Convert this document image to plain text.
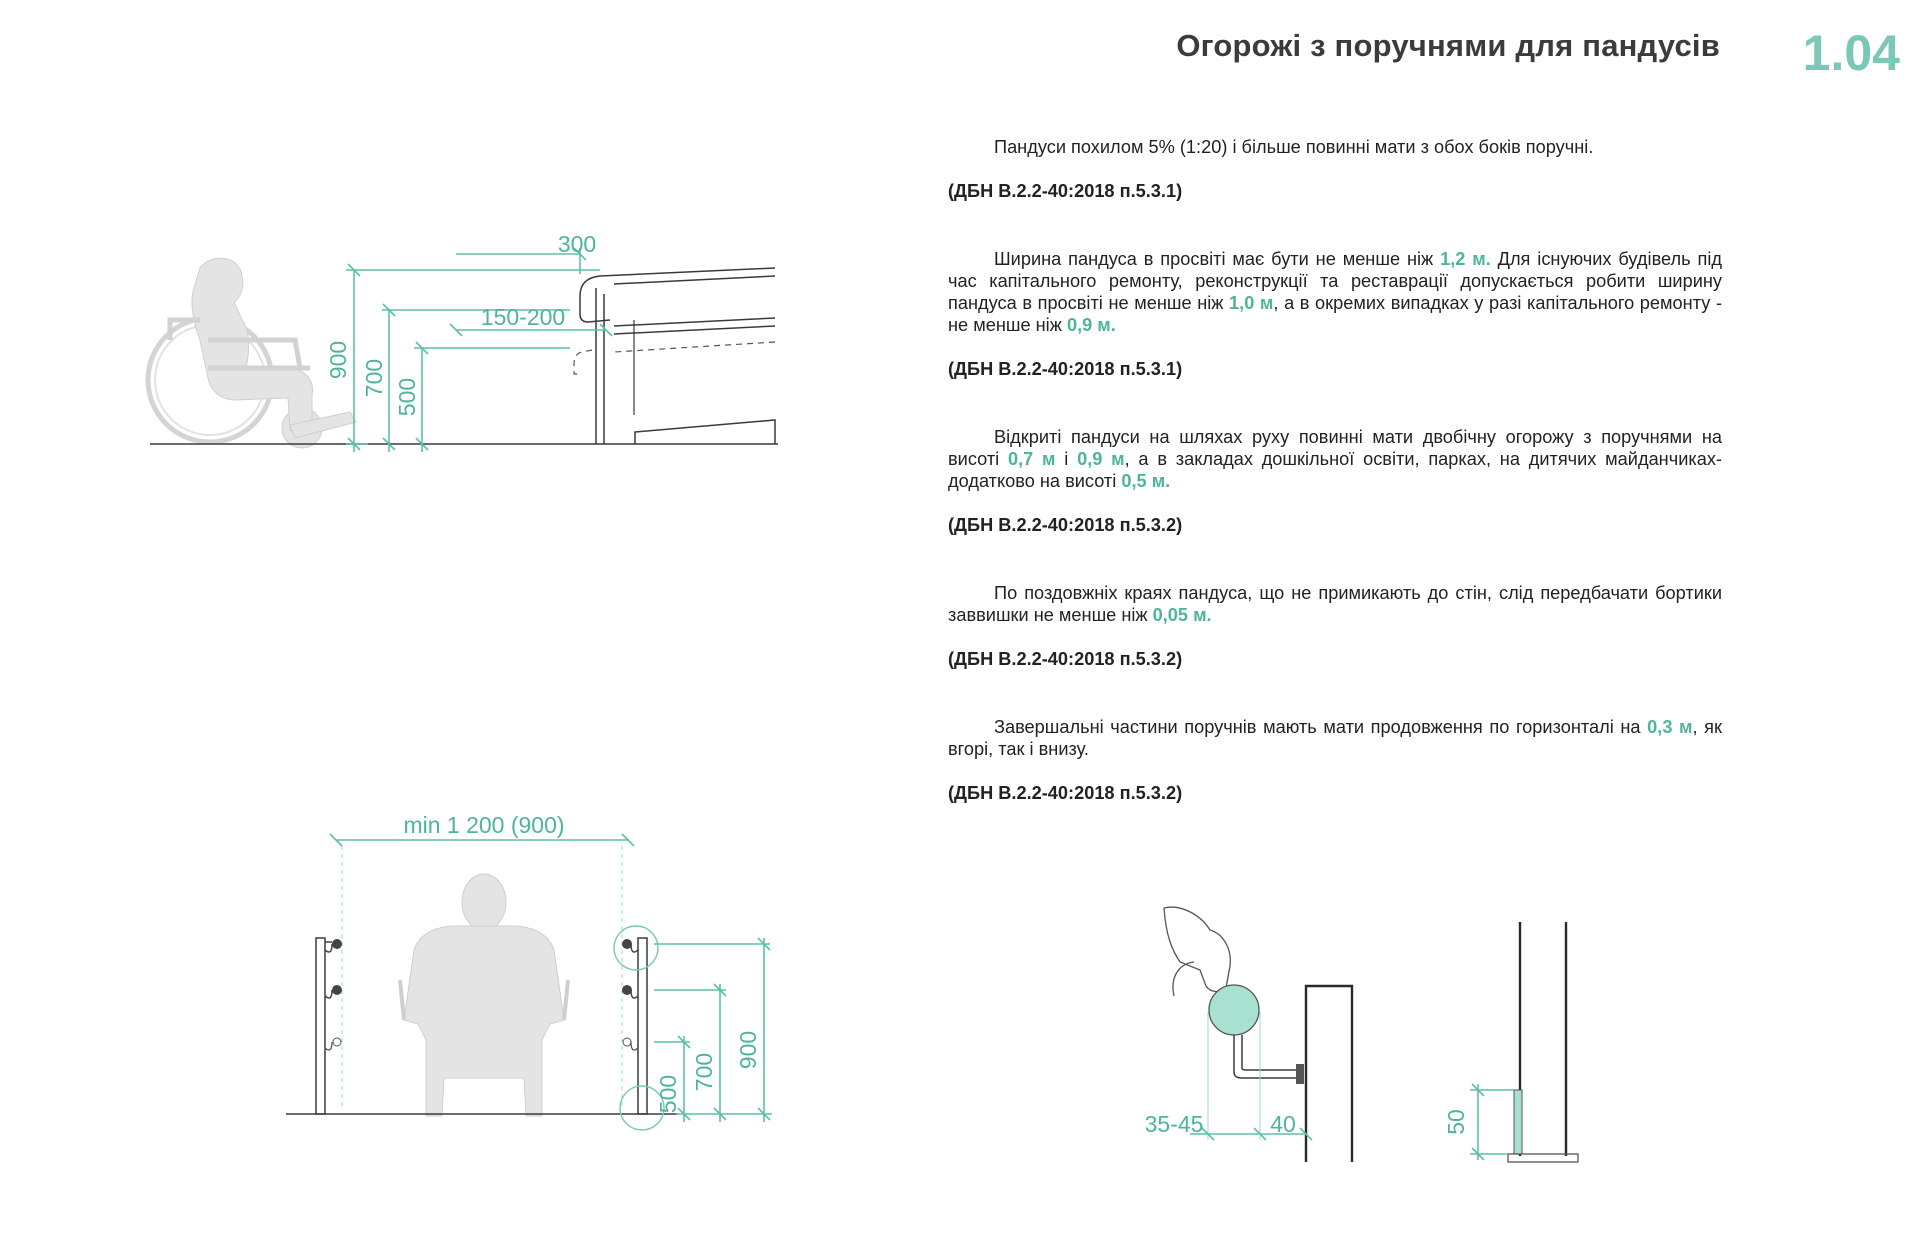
Огорожі з поручнями для пандусів	1.04

Пандуси похилом 5% (1:20) і більше повинні мати з обох боків поручні.

(ДБН В.2.2-40:2018 п.5.3.1)

Ширина пандуса в просвіті має бути не менше ніж 1,2 м. Для існуючих будівель під час капітального ремонту, реконструкції та реставрації допускається робити ширину пандуса в просвіті не менше ніж 1,0 м, а в окремих випадках у разі капітального ремонту - не менше ніж 0,9 м.

(ДБН В.2.2-40:2018 п.5.3.1)

Відкриті пандуси на шляхах руху повинні мати двобічну огорожу з поручнями на висоті 0,7 м і 0,9 м, а в закладах дошкільної освіти, парках, на дитячих майданчиках- додатково на висоті 0,5 м.

(ДБН В.2.2-40:2018 п.5.3.2)

По поздовжніх краях пандуса, що не примикають до стін, слід передбачати бортики заввишки не менше ніж 0,05 м.

(ДБН В.2.2-40:2018 п.5.3.2)

Завершальні частини поручнів мають мати продовження по горизонталі на 0,3 м, як вгорі, так і внизу.

(ДБН В.2.2-40:2018 п.5.3.2)

300
150-200
900 700 500
min 1 200 (900)
900
700
500
35-45	40	50
